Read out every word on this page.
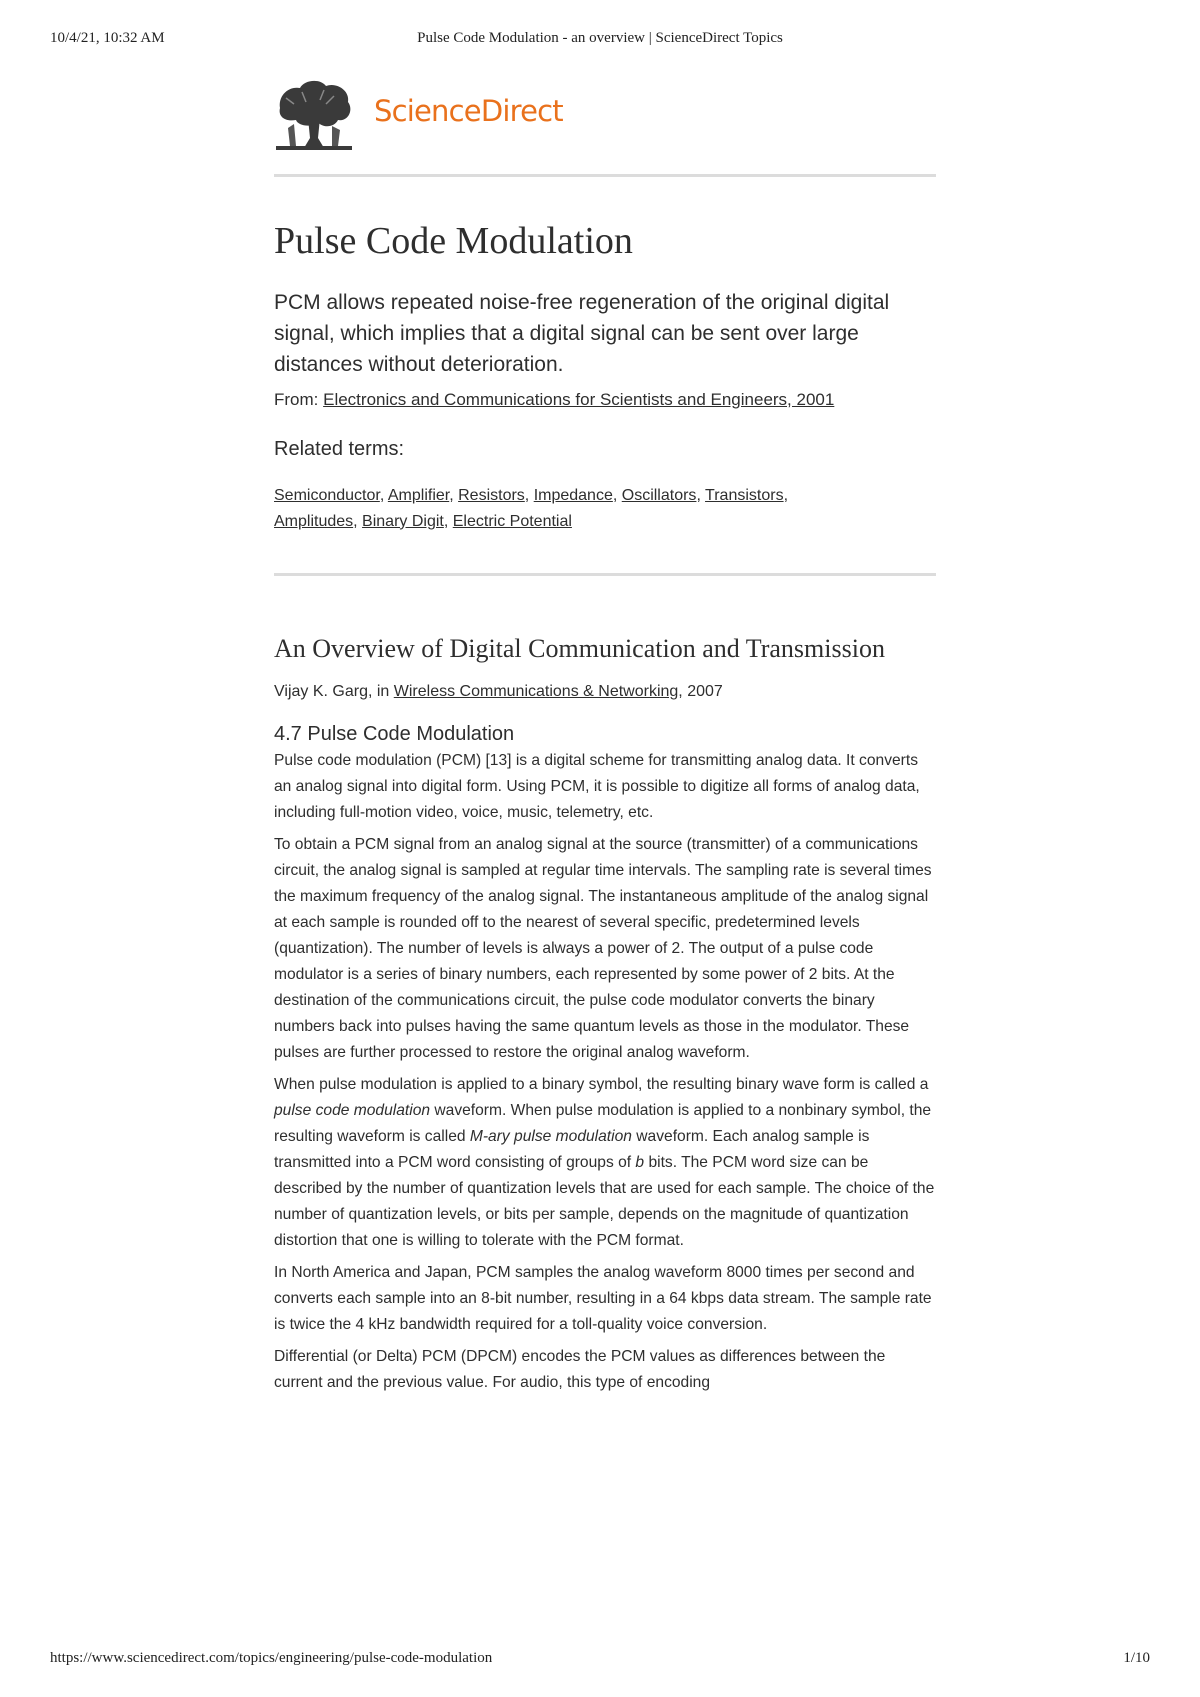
10/4/21, 10:32 AM	Pulse Code Modulation - an overview | ScienceDirect Topics
ScienceDirect
Pulse Code Modulation

PCM allows repeated noise-free regeneration of the original digital signal, which implies that a digital signal can be sent over large distances without deterioration.

From: Electronics and Communications for Scientists and Engineers, 2001
Related terms:
Semiconductor, Amplifier, Resistors, Impedance, Oscillators, Transistors,
Amplitudes, Binary Digit, Electric Potential
An Overview of Digital Communication and Transmission
Vijay K. Garg, in Wireless Communications & Networking, 2007
4.7 Pulse Code Modulation

Pulse code modulation (PCM) [13] is a digital scheme for transmitting analog data. It converts an analog signal into digital form. Using PCM, it is possible to digitize all forms of analog data, including full-motion video, voice, music, telemetry, etc.

To obtain a PCM signal from an analog signal at the source (transmitter) of a communications circuit, the analog signal is sampled at regular time intervals. The sampling rate is several times the maximum frequency of the analog signal. The instantaneous amplitude of the analog signal at each sample is rounded off to the nearest of several specific, predetermined levels (quantization). The number of levels is always a power of 2. The output of a pulse code modulator is a series of binary numbers, each represented by some power of 2 bits. At the destination of the communications circuit, the pulse code modulator converts the binary numbers back into pulses having the same quantum levels as those in the modulator. These pulses are further processed to restore the original analog waveform.

When pulse modulation is applied to a binary symbol, the resulting binary wave form is called a pulse code modulation waveform. When pulse modulation is applied to a nonbinary symbol, the resulting waveform is called M-ary pulse modulation waveform. Each analog sample is transmitted into a PCM word consisting of groups of b bits. The PCM word size can be described by the number of quantization levels that are used for each sample. The choice of the number of quantization levels, or bits per sample, depends on the magnitude of quantization distortion that one is willing to tolerate with the PCM format.

In North America and Japan, PCM samples the analog waveform 8000 times per second and converts each sample into an 8-bit number, resulting in a 64 kbps data stream. The sample rate is twice the 4 kHz bandwidth required for a toll-quality voice conversion.

Differential (or Delta) PCM (DPCM) encodes the PCM values as differences between the current and the previous value. For audio, this type of encoding

https://www.sciencedirect.com/topics/engineering/pulse-code-modulation	1/10
